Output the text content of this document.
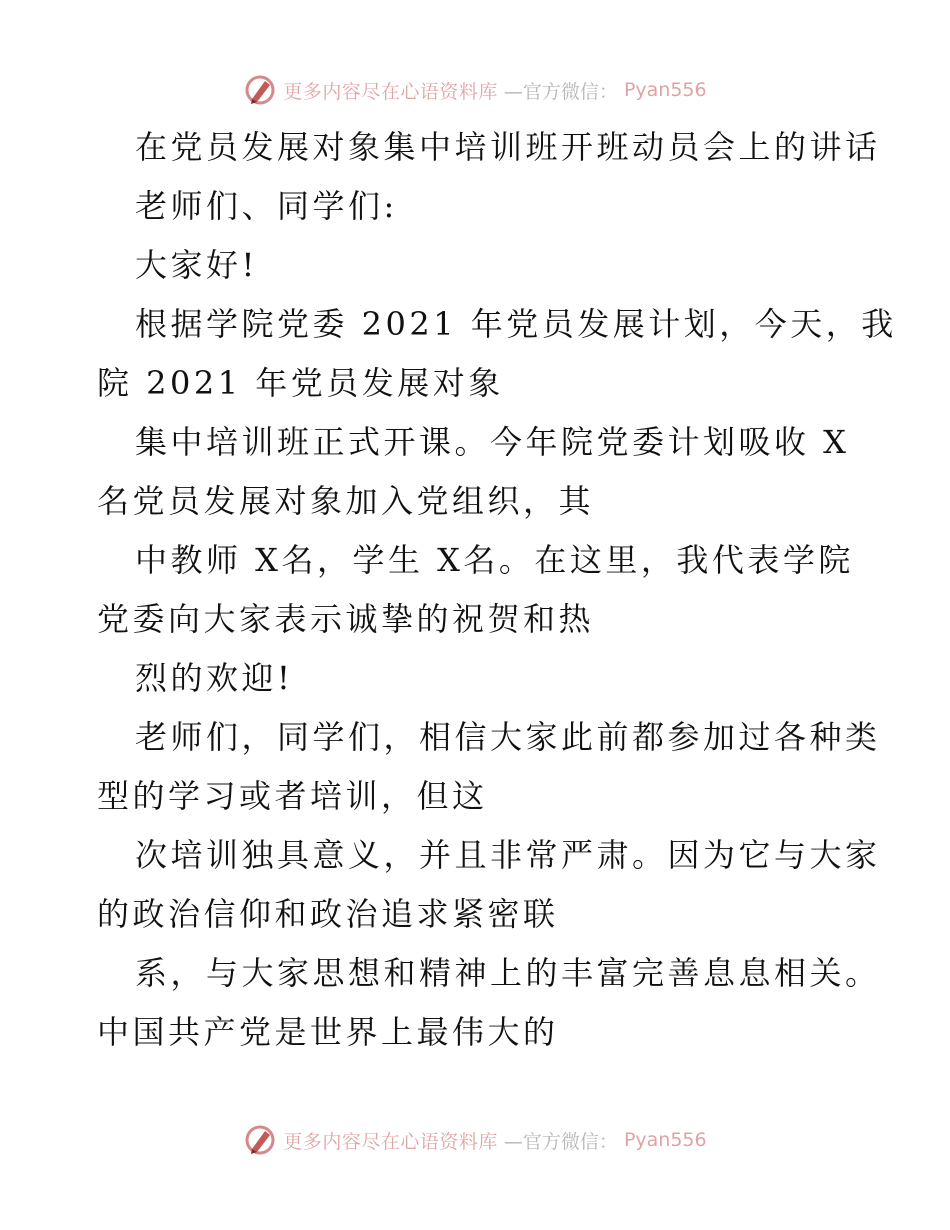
更多内容尽在心语资料库 —官方微信： Pyan556
在党员发展对象集中培训班开班动员会上的讲话
老师们、同学们:
大家好!
根据学院党委 2021 年党员发展计划，今天，我
院 2021 年党员发展对象
集中培训班正式开课。今年院党委计划吸收 X
名党员发展对象加入党组织，其
中教师 X名，学生 X名。在这里，我代表学院
党委向大家表示诚挚的祝贺和热
烈的欢迎!
老师们，同学们，相信大家此前都参加过各种类
型的学习或者培训，但这
次培训独具意义，并且非常严肃。因为它与大家
的政治信仰和政治追求紧密联
系，与大家思想和精神上的丰富完善息息相关。
中国共产党是世界上最伟大的
更多内容尽在心语资料库 —官方微信： Pyan556
